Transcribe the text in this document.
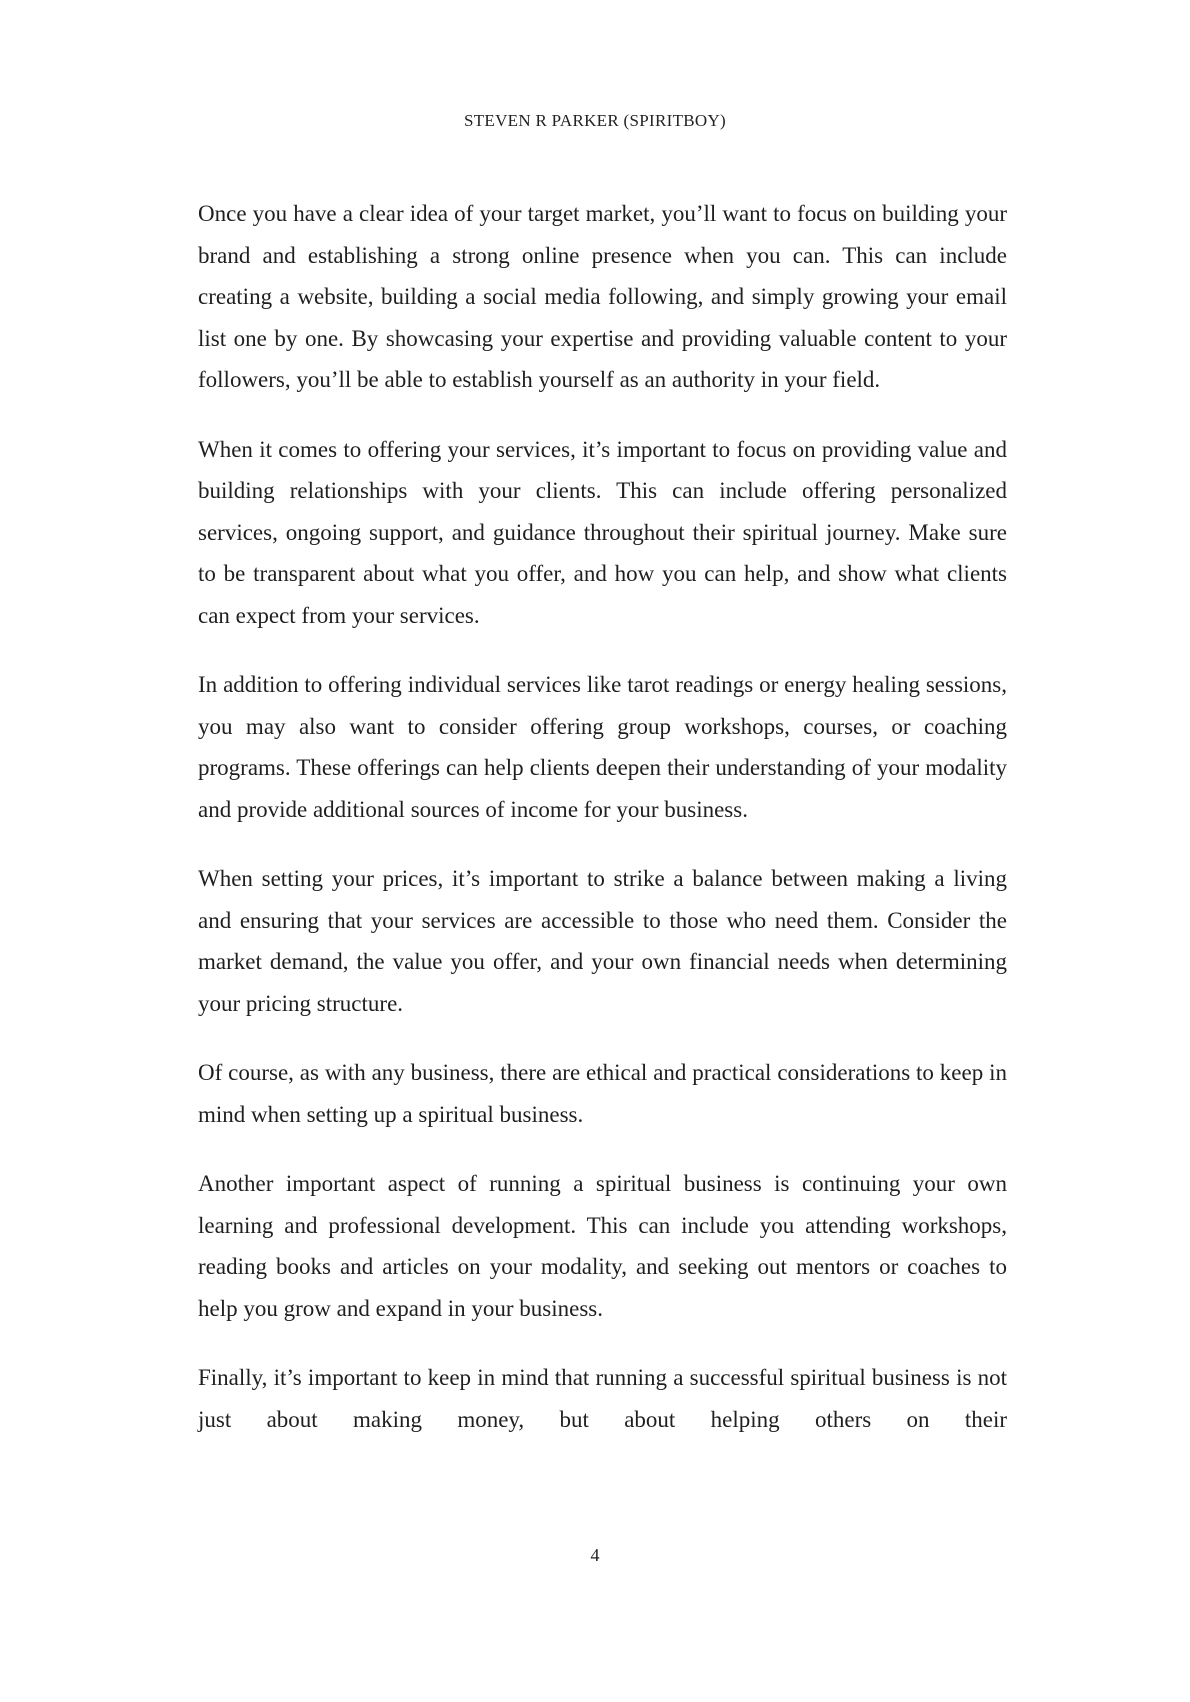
STEVEN R PARKER (SPIRITBOY)

Once you have a clear idea of your target market, you’ll want to focus on building your brand and establishing a strong online presence when you can. This can include creating a website, building a social media following, and simply growing your email list one by one. By showcasing your expertise and providing valuable content to your followers, you’ll be able to establish yourself as an authority in your field.

When it comes to offering your services, it’s important to focus on providing value and building relationships with your clients. This can include offering personalized services, ongoing support, and guidance throughout their spiritual journey. Make sure to be transparent about what you offer, and how you can help, and show what clients can expect from your services.

In addition to offering individual services like tarot readings or energy healing sessions, you may also want to consider offering group workshops, courses, or coaching programs. These offerings can help clients deepen their understanding of your modality and provide additional sources of income for your business.

When setting your prices, it’s important to strike a balance between making a living and ensuring that your services are accessible to those who need them. Consider the market demand, the value you offer, and your own financial needs when determining your pricing structure.

Of course, as with any business, there are ethical and practical considerations to keep in mind when setting up a spiritual business.

Another important aspect of running a spiritual business is continuing your own learning and professional development. This can include you attending workshops, reading books and articles on your modality, and seeking out mentors or coaches to help you grow and expand in your business.

Finally, it’s important to keep in mind that running a successful spiritual business is not just about making money, but about helping others on their

4
